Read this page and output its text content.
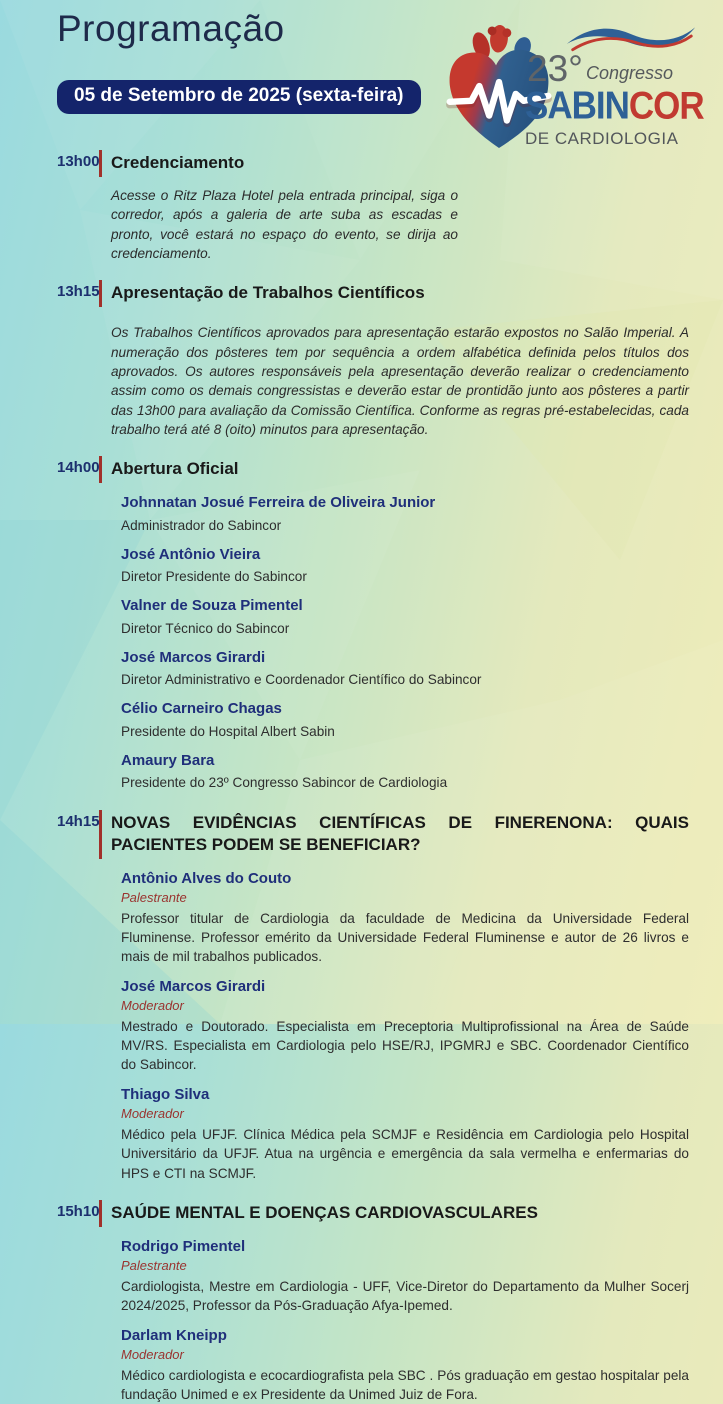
Programação

05 de Setembro de 2025 (sexta-feira)
23° Congresso
SABINCOR
DE CARDIOLOGIA
13h00 Credenciamento

Acesse o Ritz Plaza Hotel pela entrada principal, siga o corredor, após a galeria de arte suba as escadas e pronto, você estará no espaço do evento, se dirija ao credenciamento.

13h15 Apresentação de Trabalhos Científicos

Os Trabalhos Científicos aprovados para apresentação estarão expostos no Salão Imperial. A numeração dos pôsteres tem por sequência a ordem alfabética definida pelos títulos dos aprovados. Os autores responsáveis pela apresentação deverão realizar o credenciamento assim como os demais congressistas e deverão estar de prontidão junto aos pôsteres a partir das 13h00 para avaliação da Comissão Científica. Conforme as regras pré-estabelecidas, cada trabalho terá até 8 (oito) minutos para apresentação.

14h00 Abertura Oficial
Johnnatan Josué Ferreira de Oliveira Junior

Administrador do Sabincor

José Antônio Vieira

Diretor Presidente do Sabincor

Valner de Souza Pimentel

Diretor Técnico do Sabincor

José Marcos Girardi

Diretor Administrativo e Coordenador Científico do Sabincor

Célio Carneiro Chagas

Presidente do Hospital Albert Sabin

Amaury Bara

Presidente do 23º Congresso Sabincor de Cardiologia

14h15 NOVAS EVIDÊNCIAS CIENTÍFICAS DE FINERENONA: QUAIS PACIENTES PODEM SE BENEFICIAR?
Antônio Alves do Couto
Palestrante

Professor titular de Cardiologia da faculdade de Medicina da Universidade Federal Fluminense. Professor emérito da Universidade Federal Fluminense e autor de 26 livros e mais de mil trabalhos publicados.

José Marcos Girardi
Moderador

Mestrado e Doutorado. Especialista em Preceptoria Multiprofissional na Área de Saúde MV/RS. Especialista em Cardiologia pelo HSE/RJ, IPGMRJ e SBC. Coordenador Científico do Sabincor.

Thiago Silva
Moderador

Médico pela UFJF. Clínica Médica pela SCMJF e Residência em Cardiologia pelo Hospital Universitário da UFJF. Atua na urgência e emergência da sala vermelha e enfermarias do HPS e CTI na SCMJF.

15h10 SAÚDE MENTAL E DOENÇAS CARDIOVASCULARES
Rodrigo Pimentel
Palestrante

Cardiologista, Mestre em Cardiologia - UFF, Vice-Diretor do Departamento da Mulher Socerj 2024/2025, Professor da Pós-Graduação Afya-Ipemed.

Darlam Kneipp
Moderador

Médico cardiologista e ecocardiografista pela SBC . Pós graduação em gestao hospitalar pela fundação Unimed e ex Presidente da Unimed Juiz de Fora.
